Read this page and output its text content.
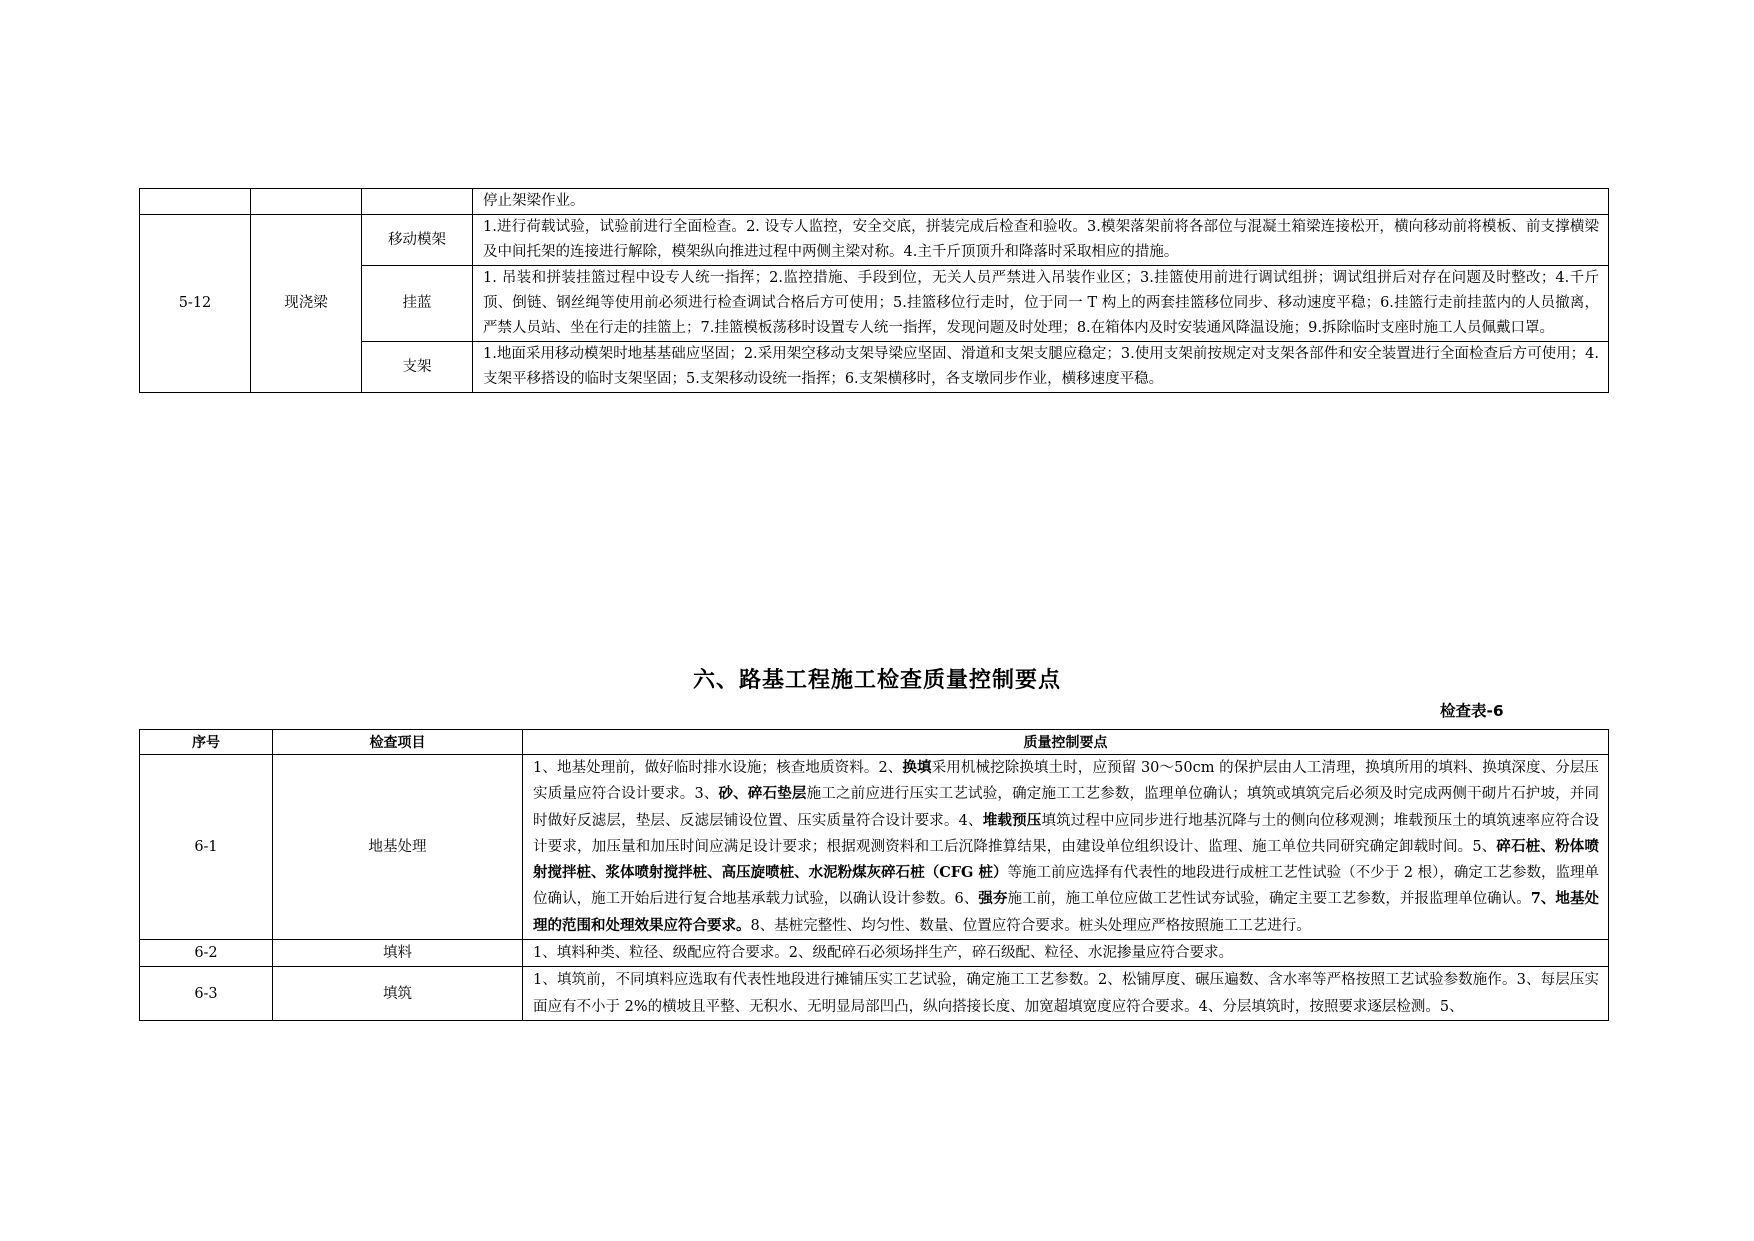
			停止架梁作业。
5-12	现浇梁	移动模架	1.进行荷载试验，试验前进行全面检查。2. 设专人监控，安全交底，拼装完成后检查和验收。3.模架落架前将各部位与混凝土箱梁连接松开，横向移动前将模板、前支撑横梁及中间托架的连接进行解除，模架纵向推进过程中两侧主梁对称。4.主千斤顶顶升和降落时采取相应的措施。
		挂蓝	1. 吊装和拼装挂篮过程中设专人统一指挥；2.监控措施、手段到位，无关人员严禁进入吊装作业区；3.挂篮使用前进行调试组拼；调试组拼后对存在问题及时整改；4.千斤顶、倒链、钢丝绳等使用前必须进行检查调试合格后方可使用；5.挂篮移位行走时，位于同一 T 构上的两套挂篮移位同步、移动速度平稳；6.挂篮行走前挂蓝内的人员撤离，严禁人员站、坐在行走的挂篮上；7.挂篮模板荡移时设置专人统一指挥，发现问题及时处理；8.在箱体内及时安装通风降温设施；9.拆除临时支座时施工人员佩戴口罩。
		支架	1.地面采用移动模架时地基基础应坚固；2.采用架空移动支架导梁应坚固、滑道和支架支腿应稳定；3.使用支架前按规定对支架各部件和安全装置进行全面检查后方可使用；4.支架平移搭设的临时支架坚固；5.支架移动设统一指挥；6.支架横移时，各支墩同步作业，横移速度平稳。
六、路基工程施工检查质量控制要点
检查表-6
序号	检查项目	质量控制要点
6-1	地基处理	1、地基处理前，做好临时排水设施；核查地质资料。2、换填采用机械挖除换填土时，应预留 30～50cm 的保护层由人工清理，换填所用的填料、换填深度、分层压实质量应符合设计要求。3、砂、碎石垫层施工之前应进行压实工艺试验，确定施工工艺参数，监理单位确认；填筑或填筑完后必须及时完成两侧干砌片石护坡，并同时做好反滤层，垫层、反滤层铺设位置、压实质量符合设计要求。4、堆载预压填筑过程中应同步进行地基沉降与土的侧向位移观测；堆载预压土的填筑速率应符合设计要求，加压量和加压时间应满足设计要求；根据观测资料和工后沉降推算结果，由建设单位组织设计、监理、施工单位共同研究确定卸载时间。5、碎石桩、粉体喷射搅拌桩、浆体喷射搅拌桩、高压旋喷桩、水泥粉煤灰碎石桩（CFG 桩）等施工前应选择有代表性的地段进行成桩工艺性试验（不少于 2 根），确定工艺参数，监理单位确认，施工开始后进行复合地基承载力试验，以确认设计参数。6、强夯施工前，施工单位应做工艺性试夯试验，确定主要工艺参数，并报监理单位确认。7、地基处理的范围和处理效果应符合要求。8、基桩完整性、均匀性、数量、位置应符合要求。桩头处理应严格按照施工工艺进行。
6-2	填料	1、填料种类、粒径、级配应符合要求。2、级配碎石必须场拌生产，碎石级配、粒径、水泥掺量应符合要求。
6-3	填筑	1、填筑前，不同填料应选取有代表性地段进行摊铺压实工艺试验，确定施工工艺参数。2、松铺厚度、碾压遍数、含水率等严格按照工艺试验参数施作。3、每层压实面应有不小于 2%的横坡且平整、无积水、无明显局部凹凸，纵向搭接长度、加宽超填宽度应符合要求。4、分层填筑时，按照要求逐层检测。5、
